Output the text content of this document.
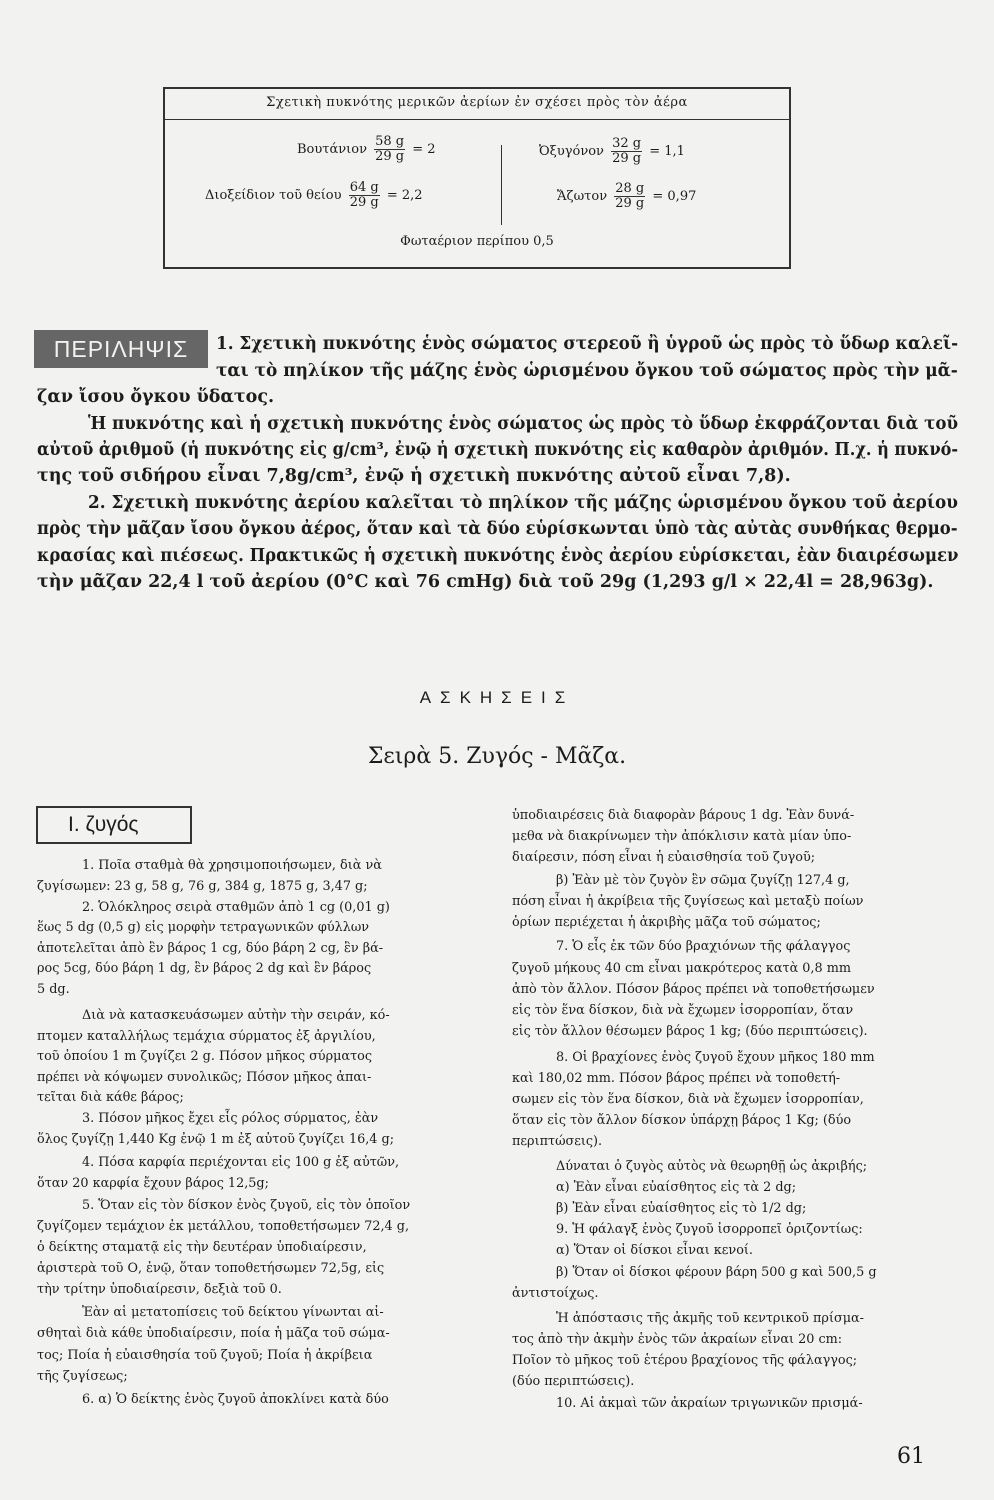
Σχετικὴ πυκνότης μερικῶν ἀερίων ἐν σχέσει πρὸς τὸν ἀέρα
Βουτάνιον $\frac{58 g}{29 g} = 2$
Διοξείδιον τοῦ θείου $\frac{64 g}{29 g} = 2,2$
Ὀξυγόνον $\frac{32 g}{29 g} = 1,1$
Ἄζωτον $\frac{28 g}{29 g} = 0,97$
Φωταέριον περίπου 0,5
ΠΕΡΙΛΗΨΙΣ	1. Σχετικὴ πυκνότης ἑνὸς σώματος στερεοῦ ἢ ὑγροῦ ὡς πρὸς τὸ ὕδωρ καλεῖ-
ται τὸ πηλίκον τῆς μάζης ἑνὸς ὡρισμένου ὄγκου τοῦ σώματος πρὸς τὴν μᾶ-
ζαν ἴσου ὄγκου ὕδατος.
Ἡ πυκνότης καὶ ἡ σχετικὴ πυκνότης ἑνὸς σώματος ὡς πρὸς τὸ ὕδωρ ἐκφράζονται διὰ τοῦ
αὐτοῦ ἀριθμοῦ (ἡ πυκνότης εἰς g/cm³, ἐνῷ ἡ σχετικὴ πυκνότης εἰς καθαρὸν ἀριθμόν. Π.χ. ἡ πυκνό-
της τοῦ σιδήρου εἶναι 7,8g/cm³, ἐνῷ ἡ σχετικὴ πυκνότης αὐτοῦ εἶναι 7,8).
2. Σχετικὴ πυκνότης ἀερίου καλεῖται τὸ πηλίκον τῆς μάζης ὡρισμένου ὄγκου τοῦ ἀερίου
πρὸς τὴν μᾶζαν ἴσου ὄγκου ἀέρος, ὅταν καὶ τὰ δύο εὑρίσκωνται ὑπὸ τὰς αὐτὰς συνθήκας θερμο-
κρασίας καὶ πιέσεως. Πρακτικῶς ἡ σχετικὴ πυκνότης ἑνὸς ἀερίου εὑρίσκεται, ἐὰν διαιρέσωμεν
τὴν μᾶζαν 22,4 l τοῦ ἀερίου (0°C καὶ 76 cmHg) διὰ τοῦ 29g (1,293 g/l × 22,4l = 28,963g).
ΑΣΚΗΣΕΙΣ
Σειρὰ 5. Ζυγός - Μᾶζα.
I. ζυγός
1. Ποῖα σταθμὰ θὰ χρησιμοποιήσωμεν, διὰ νὰ
ζυγίσωμεν: 23 g, 58 g, 76 g, 384 g, 1875 g, 3,47 g;
2. Ὁλόκληρος σειρὰ σταθμῶν ἀπὸ 1 cg (0,01 g)
ἕως 5 dg (0,5 g) εἰς μορφὴν τετραγωνικῶν φύλλων
ἀποτελεῖται ἀπὸ ἓν βάρος 1 cg, δύο βάρη 2 cg, ἓν βά-
ρος 5cg, δύο βάρη 1 dg, ἓν βάρος 2 dg καὶ ἓν βάρος
5 dg.
Διὰ νὰ κατασκευάσωμεν αὐτὴν τὴν σειράν, κό-
πτομεν καταλλήλως τεμάχια σύρματος ἐξ ἀργιλίου,
τοῦ ὁποίου 1 m ζυγίζει 2 g. Πόσον μῆκος σύρματος
πρέπει νὰ κόψωμεν συνολικῶς; Πόσον μῆκος ἀπαι-
τεῖται διὰ κάθε βάρος;
3. Πόσον μῆκος ἔχει εἷς ρόλος σύρματος, ἐὰν
ὅλος ζυγίζῃ 1,440 Kg ἐνῷ 1 m ἐξ αὐτοῦ ζυγίζει 16,4 g;
4. Πόσα καρφία περιέχονται εἰς 100 g ἐξ αὐτῶν,
ὅταν 20 καρφία ἔχουν βάρος 12,5g;
5. Ὅταν εἰς τὸν δίσκον ἑνὸς ζυγοῦ, εἰς τὸν ὁποῖον
ζυγίζομεν τεμάχιον ἐκ μετάλλου, τοποθετήσωμεν 72,4 g,
ὁ δείκτης σταματᾷ εἰς τὴν δευτέραν ὑποδιαίρεσιν,
ἀριστερὰ τοῦ Ο, ἐνῷ, ὅταν τοποθετήσωμεν 72,5g, εἰς
τὴν τρίτην ὑποδιαίρεσιν, δεξιὰ τοῦ 0.
Ἐὰν αἱ μετατοπίσεις τοῦ δείκτου γίνωνται αἰ-
σθηταὶ διὰ κάθε ὑποδιαίρεσιν, ποία ἡ μᾶζα τοῦ σώμα-
τος; Ποία ἡ εὐαισθησία τοῦ ζυγοῦ; Ποία ἡ ἀκρίβεια
τῆς ζυγίσεως;
6. α) Ὁ δείκτης ἑνὸς ζυγοῦ ἀποκλίνει κατὰ δύο
ὑποδιαιρέσεις διὰ διαφορὰν βάρους 1 dg. Ἐὰν δυνά-
μεθα νὰ διακρίνωμεν τὴν ἀπόκλισιν κατὰ μίαν ὑπο-
διαίρεσιν, πόση εἶναι ἡ εὐαισθησία τοῦ ζυγοῦ;
β) Ἐὰν μὲ τὸν ζυγὸν ἓν σῶμα ζυγίζῃ 127,4 g,
πόση εἶναι ἡ ἀκρίβεια τῆς ζυγίσεως καὶ μεταξὺ ποίων
ὁρίων περιέχεται ἡ ἀκριβὴς μᾶζα τοῦ σώματος;
7. Ὁ εἷς ἐκ τῶν δύο βραχιόνων τῆς φάλαγγος
ζυγοῦ μήκους 40 cm εἶναι μακρότερος κατὰ 0,8 mm
ἀπὸ τὸν ἄλλον. Πόσον βάρος πρέπει νὰ τοποθετήσωμεν
εἰς τὸν ἕνα δίσκον, διὰ νὰ ἔχωμεν ἰσορροπίαν, ὅταν
εἰς τὸν ἄλλον θέσωμεν βάρος 1 kg; (δύο περιπτώσεις).
8. Οἱ βραχίονες ἑνὸς ζυγοῦ ἔχουν μῆκος 180 mm
καὶ 180,02 mm. Πόσον βάρος πρέπει νὰ τοποθετή-
σωμεν εἰς τὸν ἕνα δίσκον, διὰ νὰ ἔχωμεν ἰσορροπίαν,
ὅταν εἰς τὸν ἄλλον δίσκον ὑπάρχῃ βάρος 1 Kg; (δύο
περιπτώσεις).
Δύναται ὁ ζυγὸς αὐτὸς νὰ θεωρηθῇ ὡς ἀκριβής;
α) Ἐὰν εἶναι εὐαίσθητος εἰς τὰ 2 dg;
β) Ἐὰν εἶναι εὐαίσθητος εἰς τὸ 1/2 dg;
9. Ἡ φάλαγξ ἑνὸς ζυγοῦ ἰσορροπεῖ ὁριζοντίως:
α) Ὅταν οἱ δίσκοι εἶναι κενοί.
β) Ὅταν οἱ δίσκοι φέρουν βάρη 500 g καὶ 500,5 g
ἀντιστοίχως.
Ἡ ἀπόστασις τῆς ἀκμῆς τοῦ κεντρικοῦ πρίσμα-
τος ἀπὸ τὴν ἀκμὴν ἑνὸς τῶν ἀκραίων εἶναι 20 cm:
Ποῖον τὸ μῆκος τοῦ ἑτέρου βραχίονος τῆς φάλαγγος;
(δύο περιπτώσεις).
10. Αἱ ἀκμαὶ τῶν ἀκραίων τριγωνικῶν πρισμά-
61
